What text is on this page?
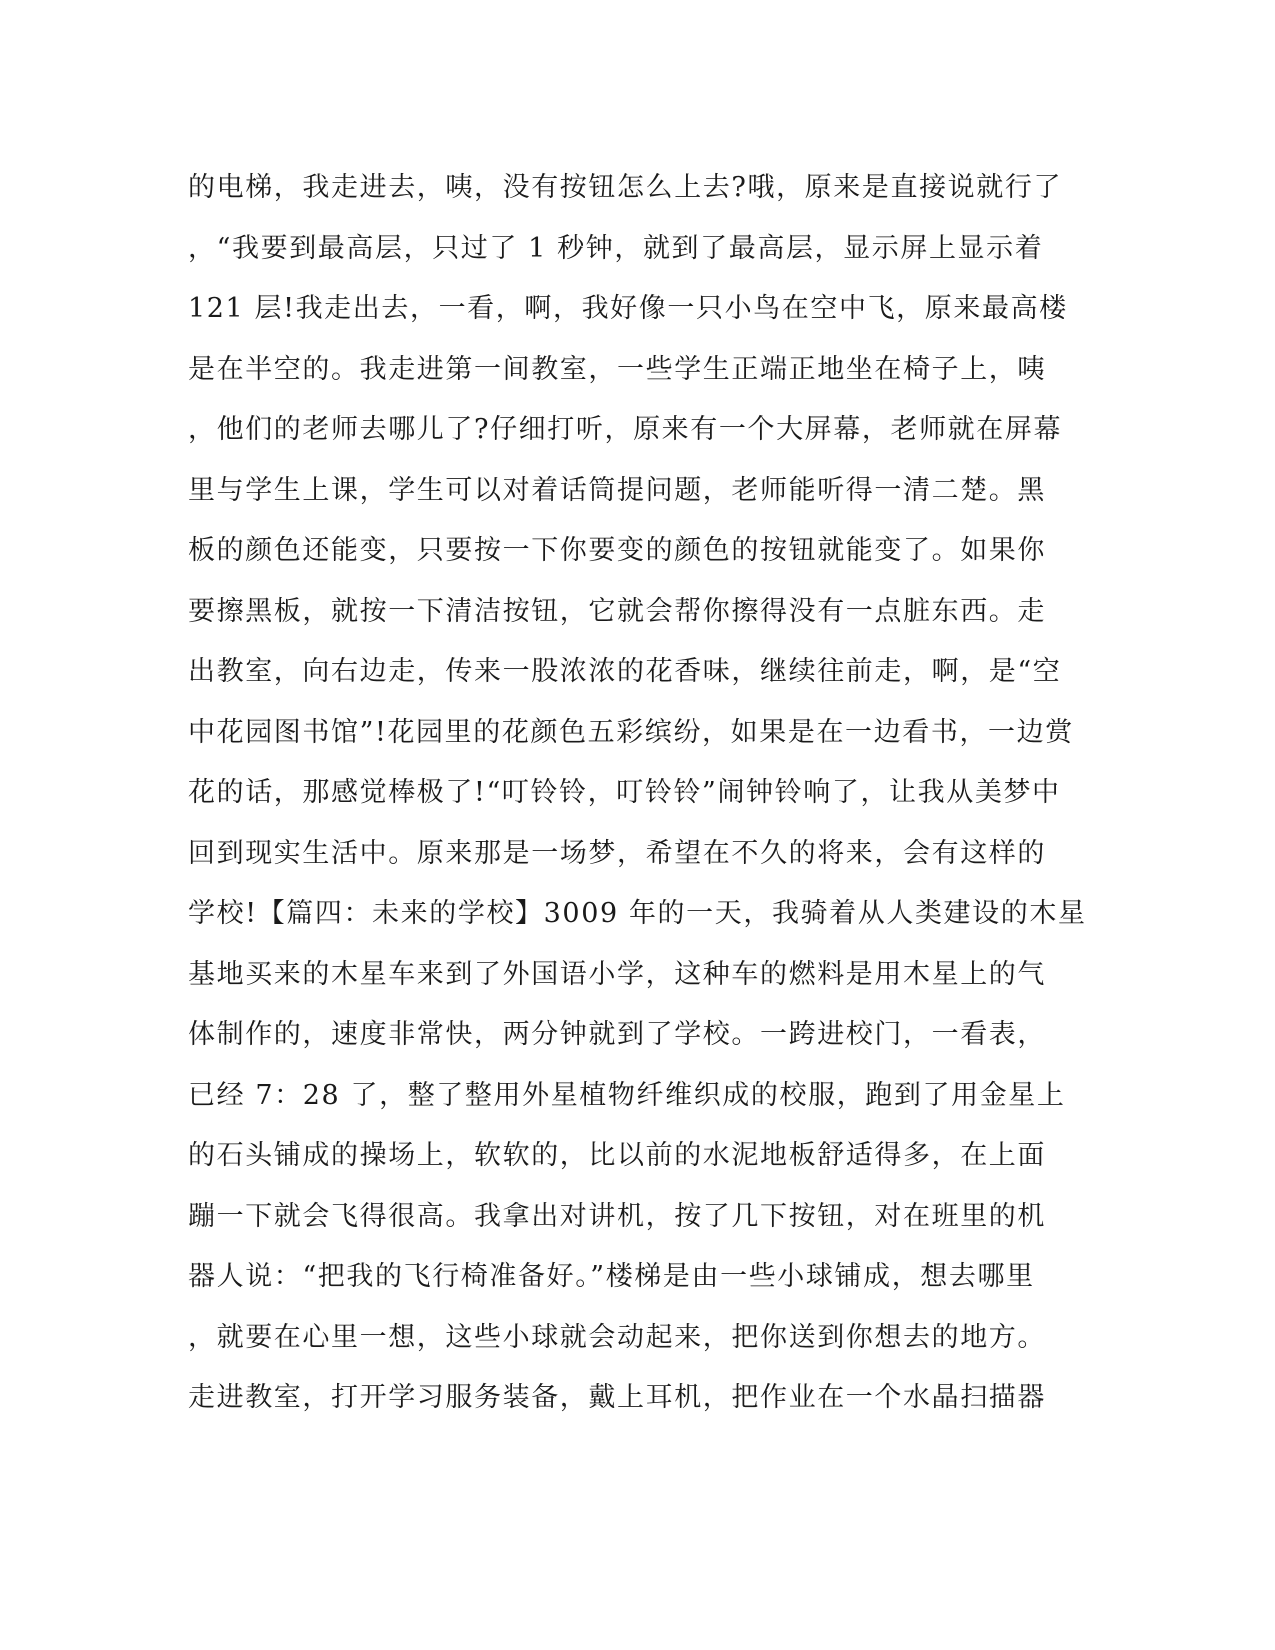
的电梯，我走进去，咦，没有按钮怎么上去?哦，原来是直接说就行了
，“我要到最高层，只过了 1 秒钟，就到了最高层，显示屏上显示着
121 层!我走出去，一看，啊，我好像一只小鸟在空中飞，原来最高楼
是在半空的。我走进第一间教室，一些学生正端正地坐在椅子上，咦
，他们的老师去哪儿了?仔细打听，原来有一个大屏幕，老师就在屏幕
里与学生上课，学生可以对着话筒提问题，老师能听得一清二楚。黑
板的颜色还能变，只要按一下你要变的颜色的按钮就能变了。如果你
要擦黑板，就按一下清洁按钮，它就会帮你擦得没有一点脏东西。走
出教室，向右边走，传来一股浓浓的花香味，继续往前走，啊，是“空
中花园图书馆”!花园里的花颜色五彩缤纷，如果是在一边看书，一边赏
花的话，那感觉棒极了!“叮铃铃，叮铃铃”闹钟铃响了，让我从美梦中
回到现实生活中。原来那是一场梦，希望在不久的将来，会有这样的
学校!【篇四：未来的学校】3009 年的一天，我骑着从人类建设的木星
基地买来的木星车来到了外国语小学，这种车的燃料是用木星上的气
体制作的，速度非常快，两分钟就到了学校。一跨进校门，一看表，
已经 7：28 了，整了整用外星植物纤维织成的校服，跑到了用金星上
的石头铺成的操场上，软软的，比以前的水泥地板舒适得多，在上面
蹦一下就会飞得很高。我拿出对讲机，按了几下按钮，对在班里的机
器人说：“把我的飞行椅准备好。”楼梯是由一些小球铺成，想去哪里
，就要在心里一想，这些小球就会动起来，把你送到你想去的地方。
走进教室，打开学习服务装备，戴上耳机，把作业在一个水晶扫描器
